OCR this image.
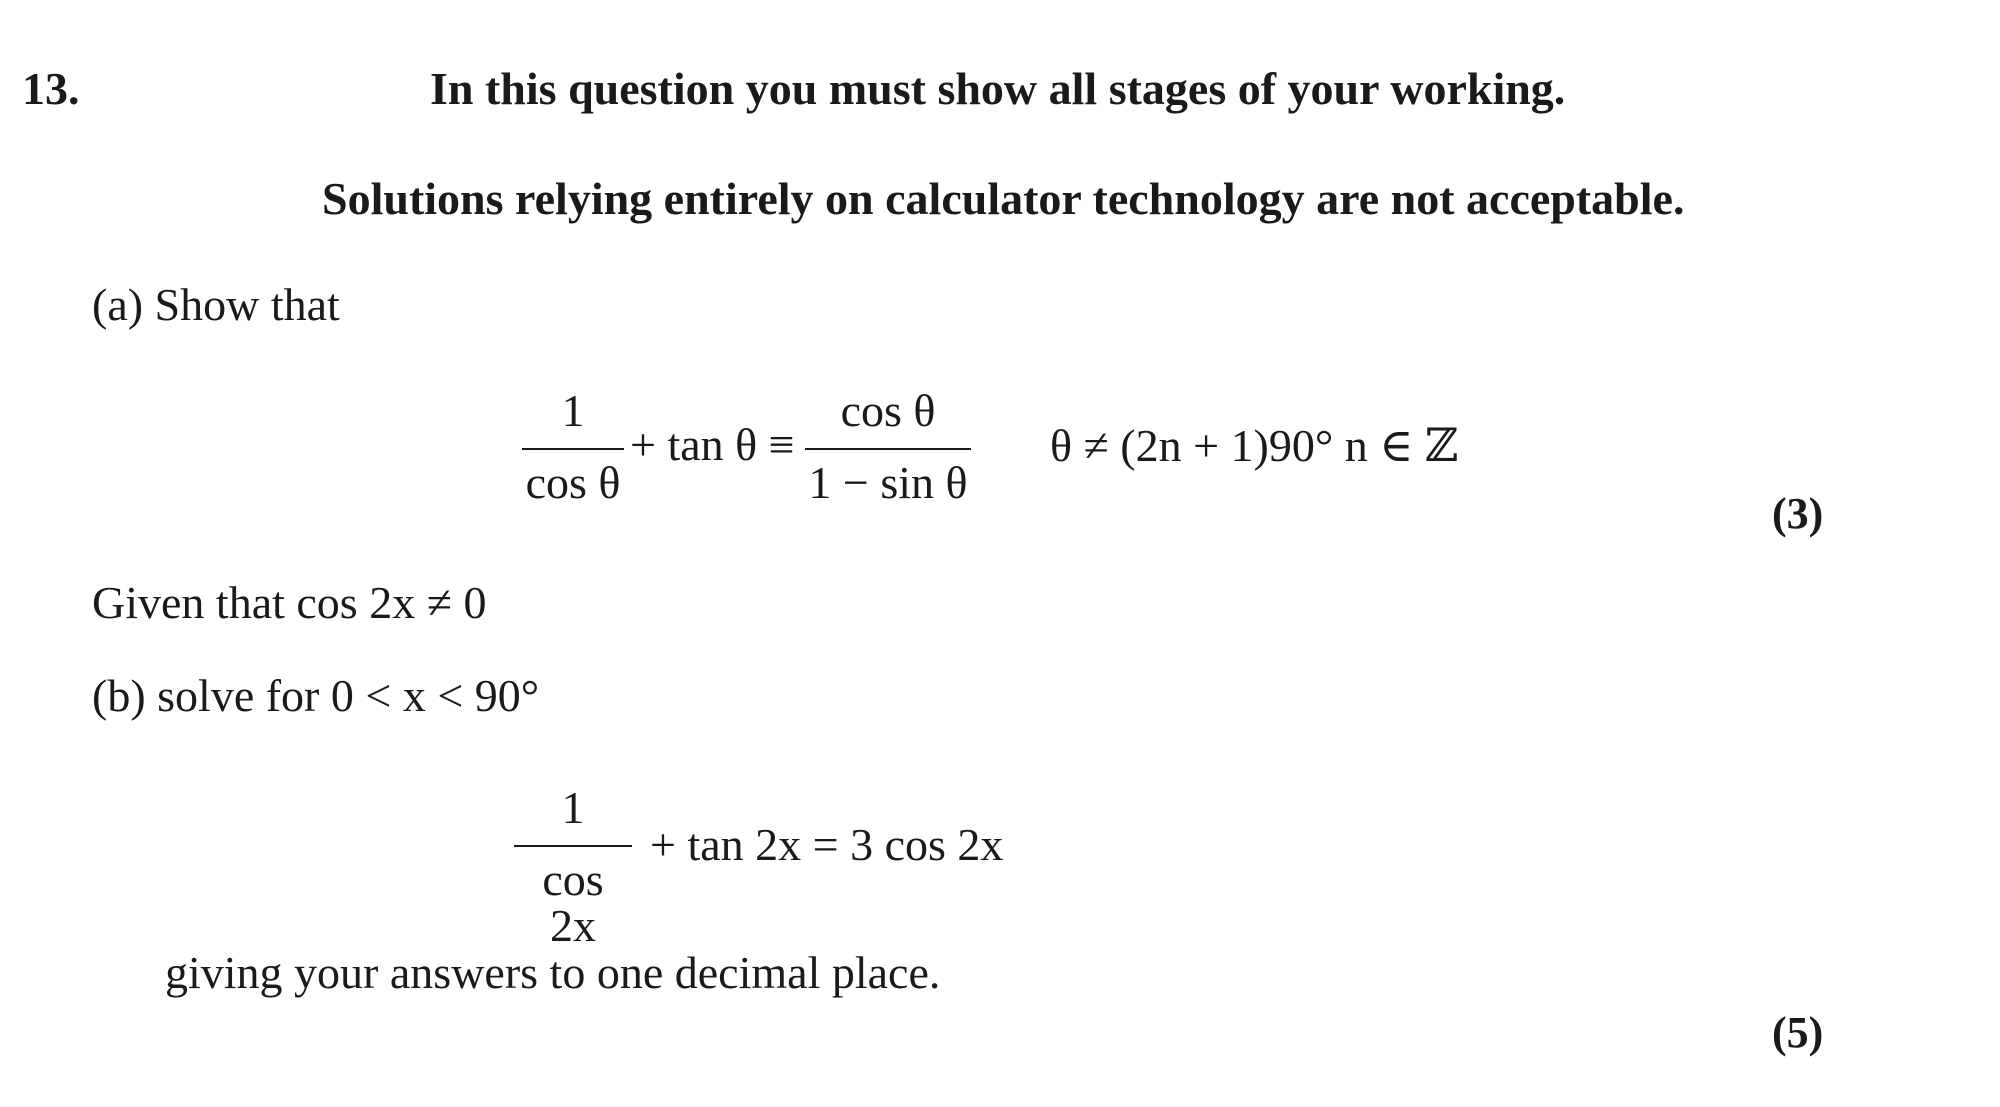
13.	In this question you must show all stages of your working.
Solutions relying entirely on calculator technology are not acceptable.
(a) Show that
1
cos θ
+ tan θ ≡
cos θ
1 − sin θ
θ ≠ (2n + 1)90° n ∈ ℤ
(3)
Given that cos 2x ≠ 0
(b) solve for 0 < x < 90°
1
cos 2x
+ tan 2x = 3 cos 2x
giving your answers to one decimal place.
(5)
